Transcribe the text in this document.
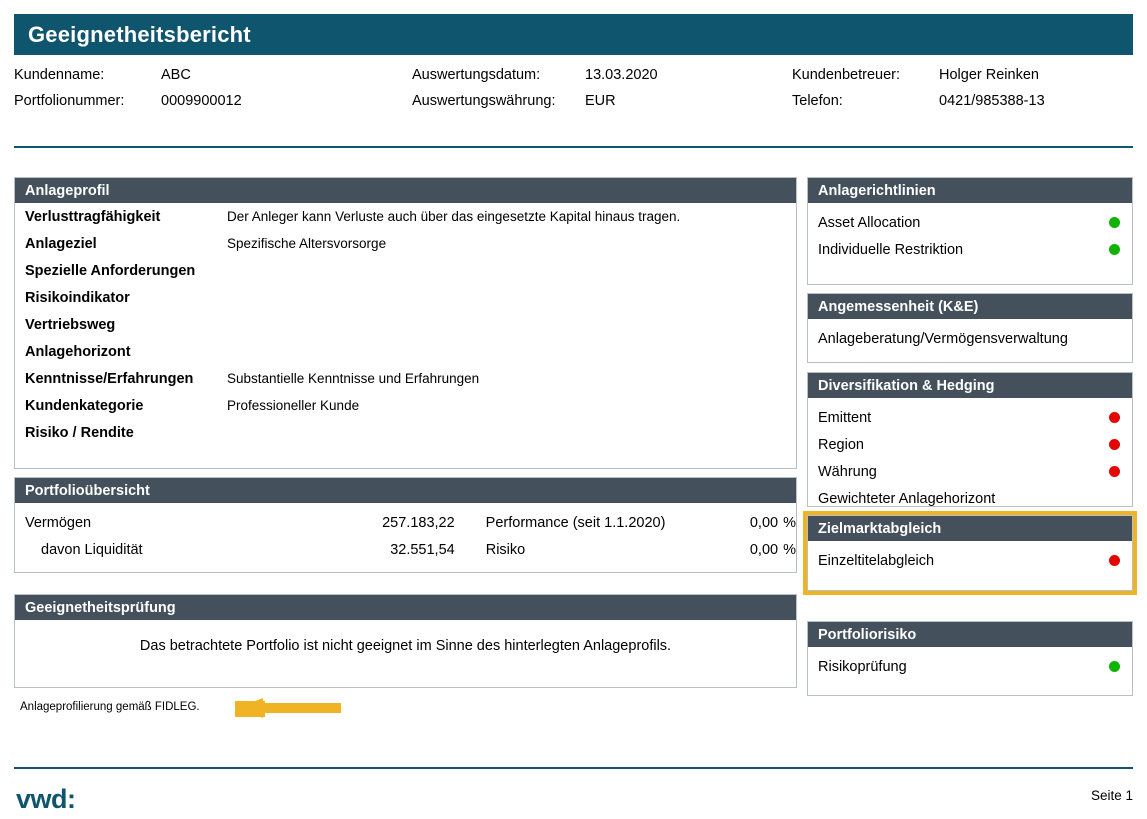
Geeignetheitsbericht
Kundenname:	ABC	Auswertungsdatum:	13.03.2020	Kundenbetreuer:	Holger Reinken
Portfolionummer:	0009900012	Auswertungswährung:	EUR	Telefon:	0421/985388-13
Anlageprofil
Verlusttragfähigkeit	Der Anleger kann Verluste auch über das eingesetzte Kapital hinaus tragen.
Anlageziel	Spezifische Altersvorsorge
Spezielle Anforderungen
Risikoindikator
Vertriebsweg
Anlagehorizont
Kenntnisse/Erfahrungen	Substantielle Kenntnisse und Erfahrungen
Kundenkategorie	Professioneller Kunde
Risiko / Rendite
Portfolioübersicht
Vermögen	257.183,22	Performance (seit 1.1.2020)	0,00 %
davon Liquidität	32.551,54	Risiko	0,00 %
Geeignetheitsprüfung
Das betrachtete Portfolio ist nicht geeignet im Sinne des hinterlegten Anlageprofils.
Anlageprofilierung gemäß FIDLEG.
Anlagerichtlinien
Asset Allocation
Individuelle Restriktion
Angemessenheit (K&E)
Anlageberatung/Vermögensverwaltung
Diversifikation & Hedging
Emittent
Region
Währung
Gewichteter Anlagehorizont
Zielmarktabgleich
Einzeltitelabgleich
Portfoliorisiko
Risikoprüfung
vwd:	Seite 1
